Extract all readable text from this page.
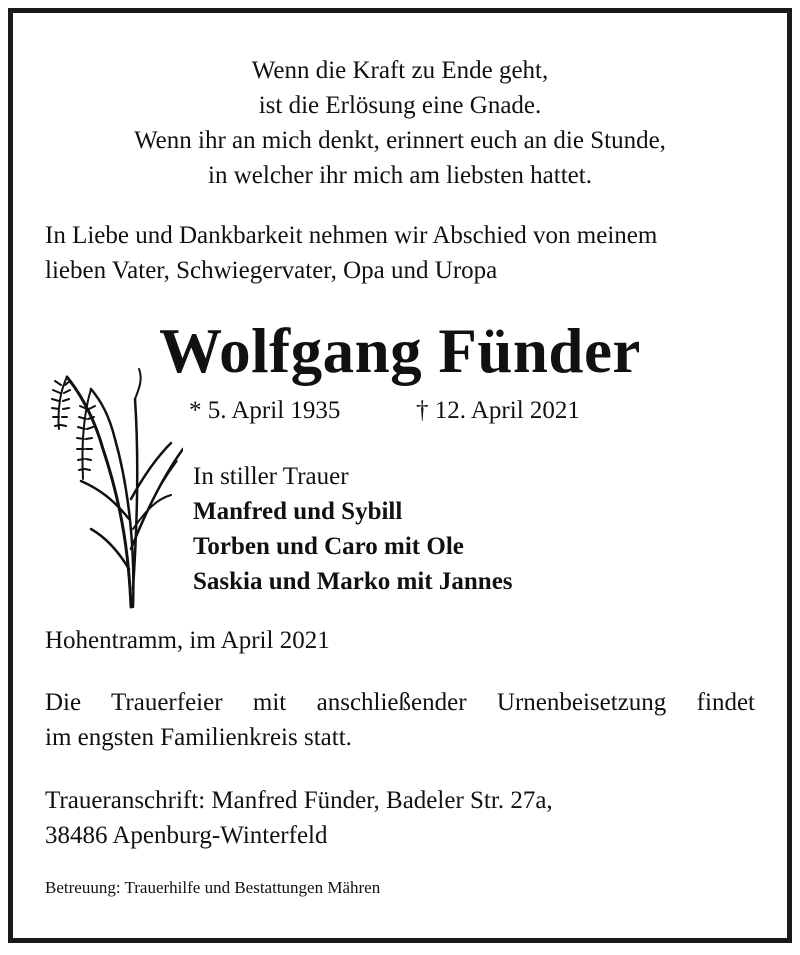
Wenn die Kraft zu Ende geht,
ist die Erlösung eine Gnade.
Wenn ihr an mich denkt, erinnert euch an die Stunde,
in welcher ihr mich am liebsten hattet.
In Liebe und Dankbarkeit nehmen wir Abschied von meinem
lieben Vater, Schwiegervater, Opa und Uropa
Wolfgang Fünder
* 5. April 1935	† 12. April 2021
In stiller Trauer
Manfred und Sybill
Torben und Caro mit Ole
Saskia und Marko mit Jannes
Hohentramm, im April 2021
Die Trauerfeier mit anschließender Urnenbeisetzung findet
im engsten Familienkreis statt.
Traueranschrift: Manfred Fünder, Badeler Str. 27a,
38486 Apenburg-Winterfeld
Betreuung: Trauerhilfe und Bestattungen Mähren
